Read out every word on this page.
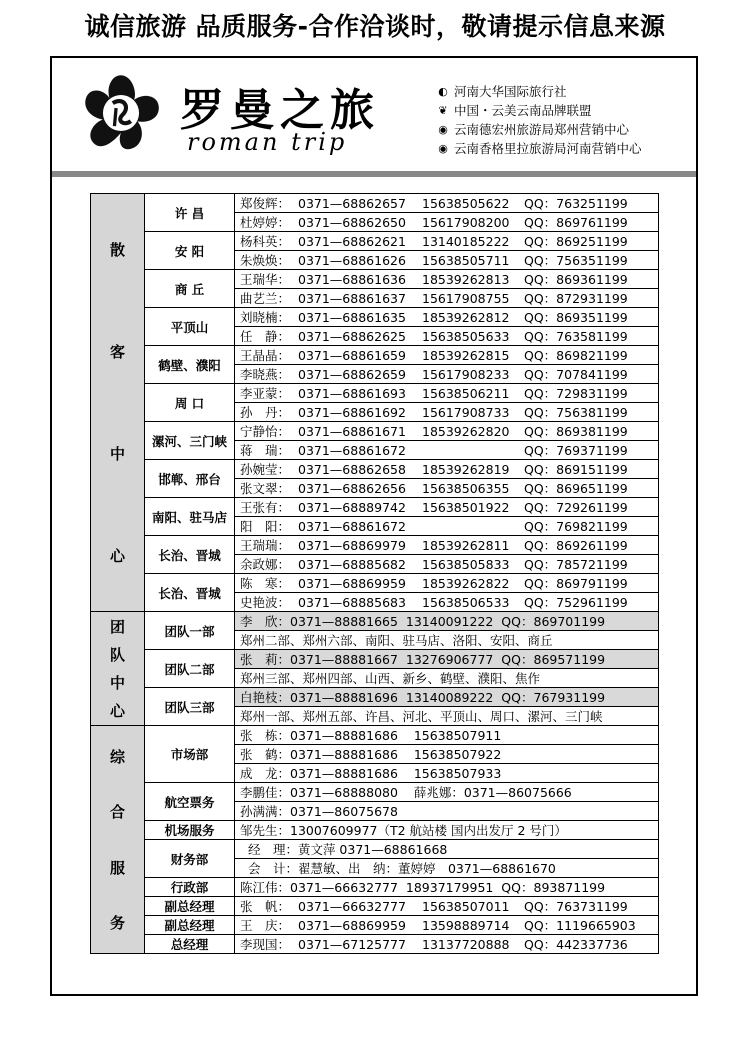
诚信旅游 品质服务-合作洽谈时，敬请提示信息来源
罗曼之旅
roman trip
◐ 河南大华国际旅行社
❦ 中国・云美云南品牌联盟
◉ 云南德宏州旅游局郑州营销中心
◉ 云南香格里拉旅游局河南营销中心
散
客
中
心	许 昌	郑俊辉： 0371—68862657 15638505622 QQ：763251199
		杜婷婷： 0371—68862650 15617908200 QQ：869761199
	安 阳	杨科英： 0371—68862621 13140185222 QQ：869251199
		朱焕焕： 0371—68861626 15638505711 QQ：756351199
	商 丘	王瑞华： 0371—68861636 18539262813 QQ：869361199
		曲艺兰： 0371—68861637 15617908755 QQ：872931199
	平顶山	刘晓楠： 0371—68861635 18539262812 QQ：869351199
		任　静： 0371—68862625 15638505633 QQ：763581199
	鹤壁、濮阳	王晶晶： 0371—68861659 18539262815 QQ：869821199
		李晓燕： 0371—68862659 15617908233 QQ：707841199
	周 口	李亚蒙： 0371—68861693 15638506211 QQ：729831199
		孙　丹： 0371—68861692 15617908733 QQ：756381199
	漯河、三门峡	宁静怡： 0371—68861671 18539262820 QQ：869381199
		蒋　瑞： 0371—68861672 QQ：769371199
	邯郸、邢台	孙婉莹： 0371—68862658 18539262819 QQ：869151199
		张文翠： 0371—68862656 15638506355 QQ：869651199
	南阳、驻马店	王张有： 0371—68889742 15638501922 QQ：729261199
		阳　阳： 0371—68861672 QQ：769821199
	长治、晋城	王瑞瑞： 0371—68869979 18539262811 QQ：869261199
		余政娜： 0371—68885682 15638505833 QQ：785721199
	长治、晋城	陈　寒： 0371—68869959 18539262822 QQ：869791199
		史艳波： 0371—68885683 15638506533 QQ：752961199

团
队
中
心	团队一部	李　欣：0371—88881665  13140091222  QQ：869701199
		郑州二部、郑州六部、南阳、驻马店、洛阳、安阳、商丘
	团队二部	张　莉：0371—88881667  13276906777  QQ：869571199
		郑州三部、郑州四部、山西、新乡、鹤壁、濮阳、焦作
	团队三部	白艳枝：0371—88881696  13140089222  QQ：767931199
		郑州一部、郑州五部、许昌、河北、平顶山、周口、漯河、三门峡

综
合
服
务	市场部	张　栋：0371—88881686    15638507911
		张　鹤：0371—88881686    15638507922
		成　龙：0371—88881686    15638507933
	航空票务	李鹏佳：0371—68888080    薛兆娜：0371—86075666
		孙满满：0371—86075678
	机场服务	邹先生：13007609977（T2 航站楼 国内出发厅 2 号门）
	财务部	经　理：黄文萍 0371—68861668
		会　计：翟慧敏、出　纳：董婷婷　0371—68861670
	行政部	陈江伟：0371—66632777  18937179951  QQ：893871199
	副总经理	张　帆： 0371—66632777 15638507011 QQ：763731199
	副总经理	王　庆： 0371—68869959 13598889714 QQ：1119665903
	总经理	李现国： 0371—67125777 13137720888 QQ：442337736
